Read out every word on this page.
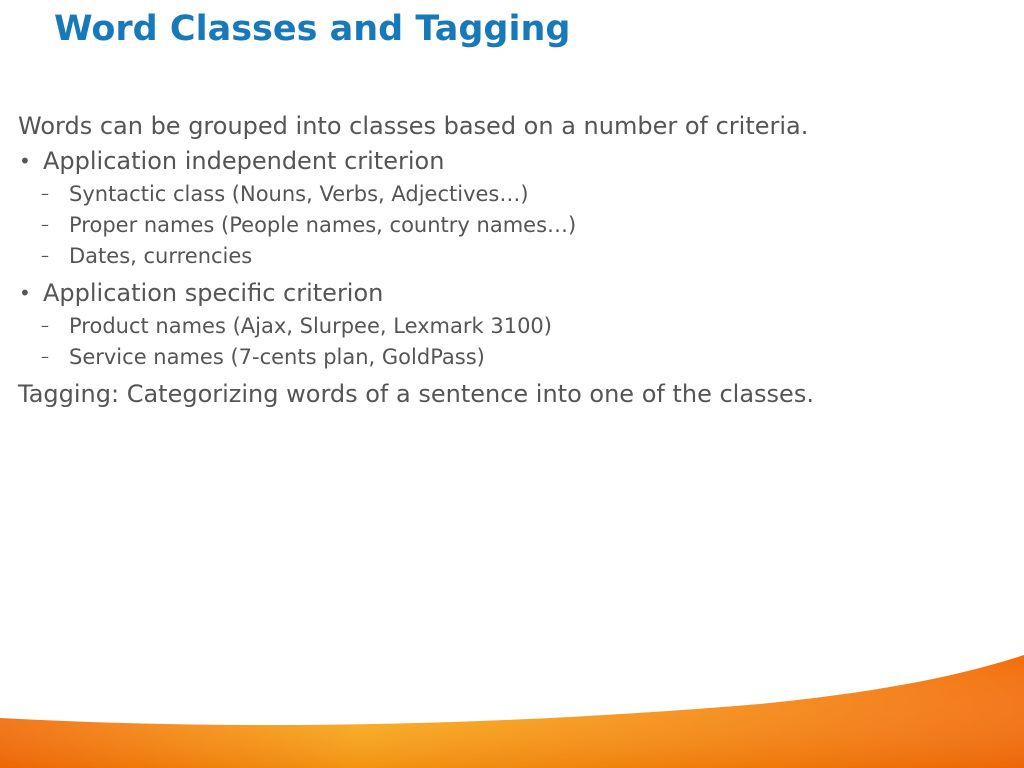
Word Classes and Tagging
Words can be grouped into classes based on a number of criteria.
• Application independent criterion
– Syntactic class (Nouns, Verbs, Adjectives…)
– Proper names (People names, country names…)
– Dates, currencies
• Application specific criterion
– Product names (Ajax, Slurpee, Lexmark 3100)
– Service names (7-cents plan, GoldPass)
Tagging: Categorizing words of a sentence into one of the classes.
